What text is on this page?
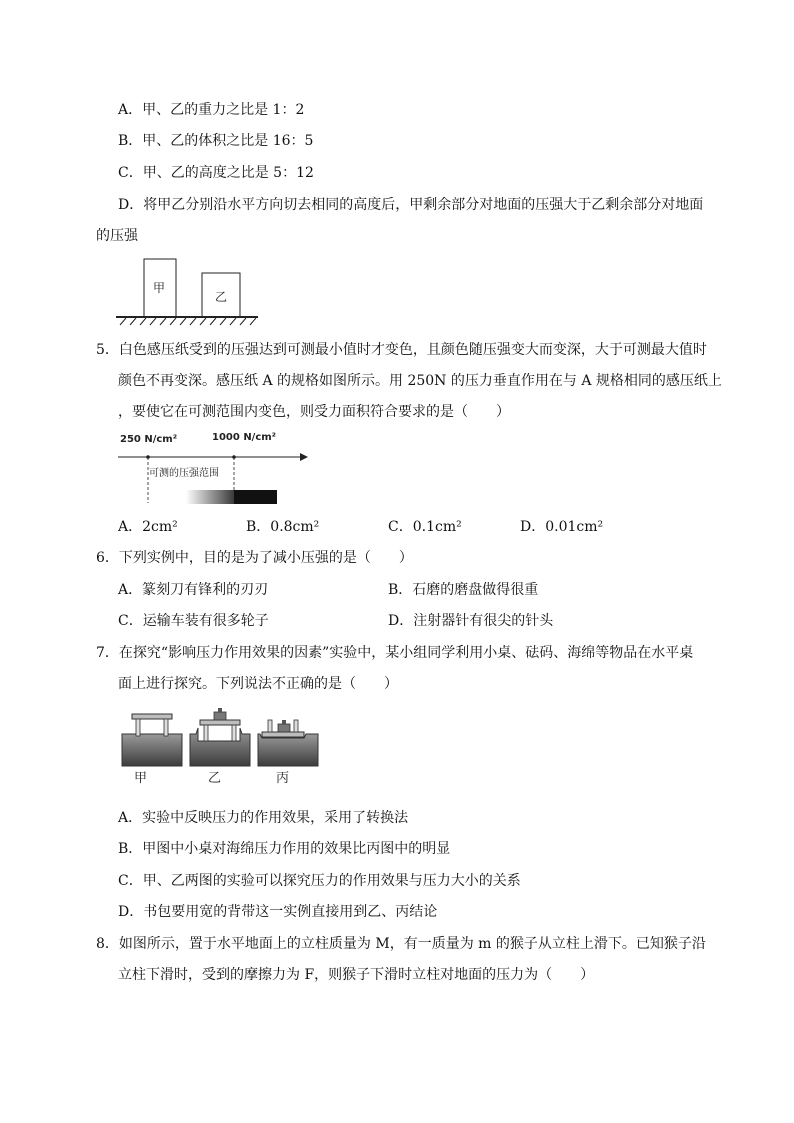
A．甲、乙的重力之比是 1：2
B．甲、乙的体积之比是 16：5
C．甲、乙的高度之比是 5：12
D．将甲乙分别沿水平方向切去相同的高度后，甲剩余部分对地面的压强大于乙剩余部分对地面
的压强
甲
乙
5．白色感压纸受到的压强达到可测最小值时才变色，且颜色随压强变大而变深，大于可测最大值时
颜色不再变深。感压纸 A 的规格如图所示。用 250N 的压力垂直作用在与 A 规格相同的感压纸上
，要使它在可测范围内变色，则受力面积符合要求的是（　　）
250 N/cm²	1000 N/cm²
可测的压强范围
A．2cm²	B．0.8cm²	C．0.1cm²	D．0.01cm²
6．下列实例中，目的是为了减小压强的是（　　）
A．篆刻刀有锋利的刃刃	B．石磨的磨盘做得很重
C．运输车装有很多轮子	D．注射器针有很尖的针头
7．在探究“影响压力作用效果的因素”实验中，某小组同学利用小桌、砝码、海绵等物品在水平桌
面上进行探究。下列说法不正确的是（　　）
甲	乙	丙
A．实验中反映压力的作用效果，采用了转换法
B．甲图中小桌对海绵压力作用的效果比丙图中的明显
C．甲、乙两图的实验可以探究压力的作用效果与压力大小的关系
D．书包要用宽的背带这一实例直接用到乙、丙结论
8．如图所示，置于水平地面上的立柱质量为 M，有一质量为 m 的猴子从立柱上滑下。已知猴子沿
立柱下滑时，受到的摩擦力为 F，则猴子下滑时立柱对地面的压力为（　　）
